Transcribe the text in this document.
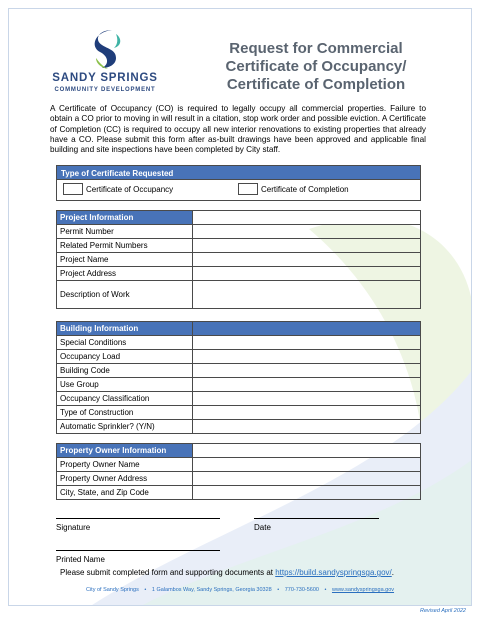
SANDY SPRINGS
COMMUNITY DEVELOPMENT
Request for Commercial
Certificate of Occupancy/
Certificate of Completion
A Certificate of Occupancy (CO) is required to legally occupy all commercial properties. Failure to obtain a CO prior to moving in will result in a citation, stop work order and possible eviction. A Certificate of Completion (CC) is required to occupy all new interior renovations to existing properties that already have a CO. Please submit this form after as-built drawings have been approved and applicable final building and site inspections have been completed by City staff.
Type of Certificate Requested
Certificate of Occupancy	Certificate of Completion
Project Information	
Permit Number	
Related Permit Numbers	
Project Name	
Project Address	
Description of Work	
Building Information	
Special Conditions	
Occupancy Load	
Building Code	
Use Group	
Occupancy Classification	
Type of Construction	
Automatic Sprinkler? (Y/N)	
Property Owner Information	
Property Owner Name	
Property Owner Address	
City, State, and Zip Code	
Signature	Date
Printed Name
Please submit completed form and supporting documents at https://build.sandyspringsga.gov/.
City of Sandy Springs • 1 Galambos Way, Sandy Springs, Georgia 30328 • 770-730-5600 • www.sandyspringsga.gov
Revised April 2022
